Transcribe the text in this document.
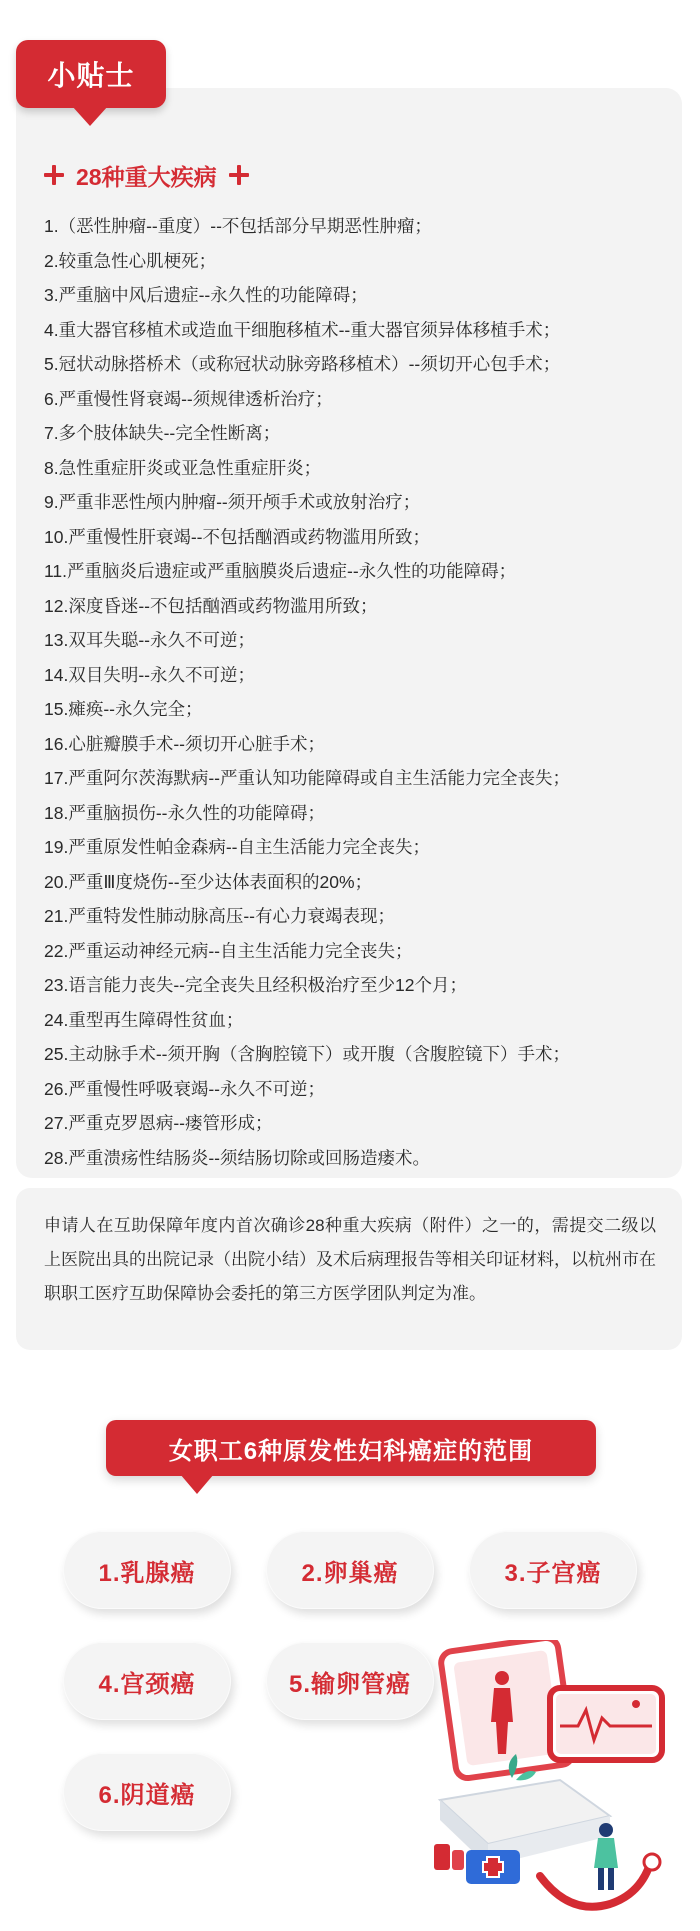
小贴士
28种重大疾病
1.（恶性肿瘤--重度）--不包括部分早期恶性肿瘤；
2.较重急性心肌梗死；
3.严重脑中风后遗症--永久性的功能障碍；
4.重大器官移植术或造血干细胞移植术--重大器官须异体移植手术；
5.冠状动脉搭桥术（或称冠状动脉旁路移植术）--须切开心包手术；
6.严重慢性肾衰竭--须规律透析治疗；
7.多个肢体缺失--完全性断离；
8.急性重症肝炎或亚急性重症肝炎；
9.严重非恶性颅内肿瘤--须开颅手术或放射治疗；
10.严重慢性肝衰竭--不包括酗酒或药物滥用所致；
11.严重脑炎后遗症或严重脑膜炎后遗症--永久性的功能障碍；
12.深度昏迷--不包括酗酒或药物滥用所致；
13.双耳失聪--永久不可逆；
14.双目失明--永久不可逆；
15.瘫痪--永久完全；
16.心脏瓣膜手术--须切开心脏手术；
17.严重阿尔茨海默病--严重认知功能障碍或自主生活能力完全丧失；
18.严重脑损伤--永久性的功能障碍；
19.严重原发性帕金森病--自主生活能力完全丧失；
20.严重Ⅲ度烧伤--至少达体表面积的20%；
21.严重特发性肺动脉高压--有心力衰竭表现；
22.严重运动神经元病--自主生活能力完全丧失；
23.语言能力丧失--完全丧失且经积极治疗至少12个月；
24.重型再生障碍性贫血；
25.主动脉手术--须开胸（含胸腔镜下）或开腹（含腹腔镜下）手术；
26.严重慢性呼吸衰竭--永久不可逆；
27.严重克罗恩病--瘘管形成；
28.严重溃疡性结肠炎--须结肠切除或回肠造瘘术。

申请人在互助保障年度内首次确诊28种重大疾病（附件）之一的，需提交二级以上医院出具的出院记录（出院小结）及术后病理报告等相关印证材料，以杭州市在职职工医疗互助保障协会委托的第三方医学团队判定为准。

女职工6种原发性妇科癌症的范围
1.乳腺癌	2.卵巢癌	3.子宫癌
4.宫颈癌	5.输卵管癌
6.阴道癌
